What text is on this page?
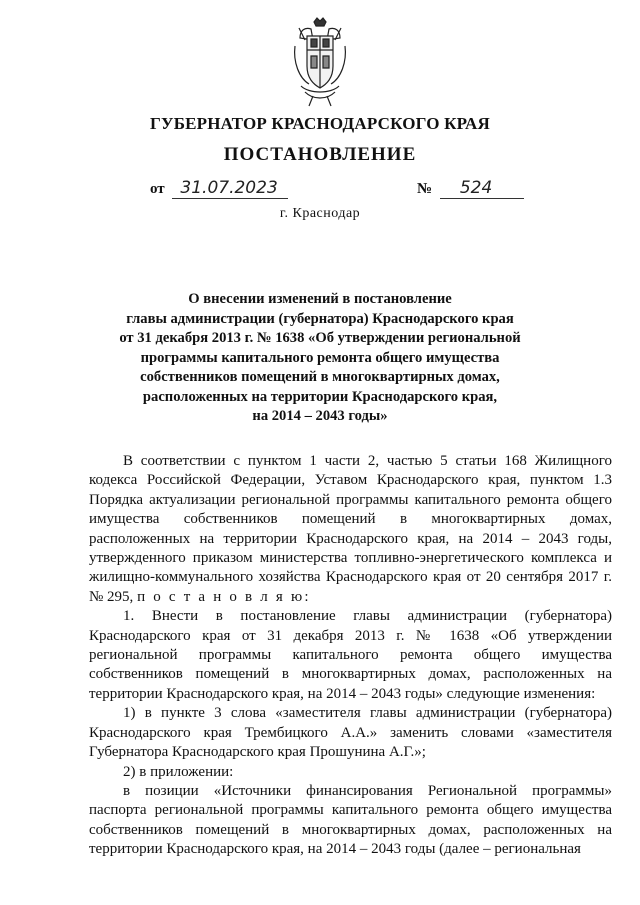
ГУБЕРНАТОР КРАСНОДАРСКОГО КРАЯ
ПОСТАНОВЛЕНИЕ
от 31.07.2023	№ 524
г. Краснодар
О внесении изменений в постановление
главы администрации (губернатора) Краснодарского края
от 31 декабря 2013 г. № 1638 «Об утверждении региональной
программы капитального ремонта общего имущества
собственников помещений в многоквартирных домах,
расположенных на территории Краснодарского края,
на 2014 – 2043 годы»

В соответствии с пунктом 1 части 2, частью 5 статьи 168 Жилищного кодекса Российской Федерации, Уставом Краснодарского края, пунктом 1.3 Порядка актуализации региональной программы капитального ремонта общего имущества собственников помещений в многоквартирных домах, расположенных на территории Краснодарского края, на 2014 – 2043 годы, утвержденного приказом министерства топливно-энергетического комплекса и жилищно-коммунального хозяйства Краснодарского края от 20 сентября 2017 г. № 295, п о с т а н о в л я ю:

1. Внести в постановление главы администрации (губернатора) Краснодарского края от 31 декабря 2013 г. № 1638 «Об утверждении региональной программы капитального ремонта общего имущества собственников помещений в многоквартирных домах, расположенных на территории Краснодарского края, на 2014 – 2043 годы» следующие изменения:

1) в пункте 3 слова «заместителя главы администрации (губернатора) Краснодарского края Трембицкого А.А.» заменить словами «заместителя Губернатора Краснодарского края Прошунина А.Г.»;

2) в приложении:

в позиции «Источники финансирования Региональной программы» паспорта региональной программы капитального ремонта общего имущества собственников помещений в многоквартирных домах, расположенных на территории Краснодарского края, на 2014 – 2043 годы (далее – региональная
